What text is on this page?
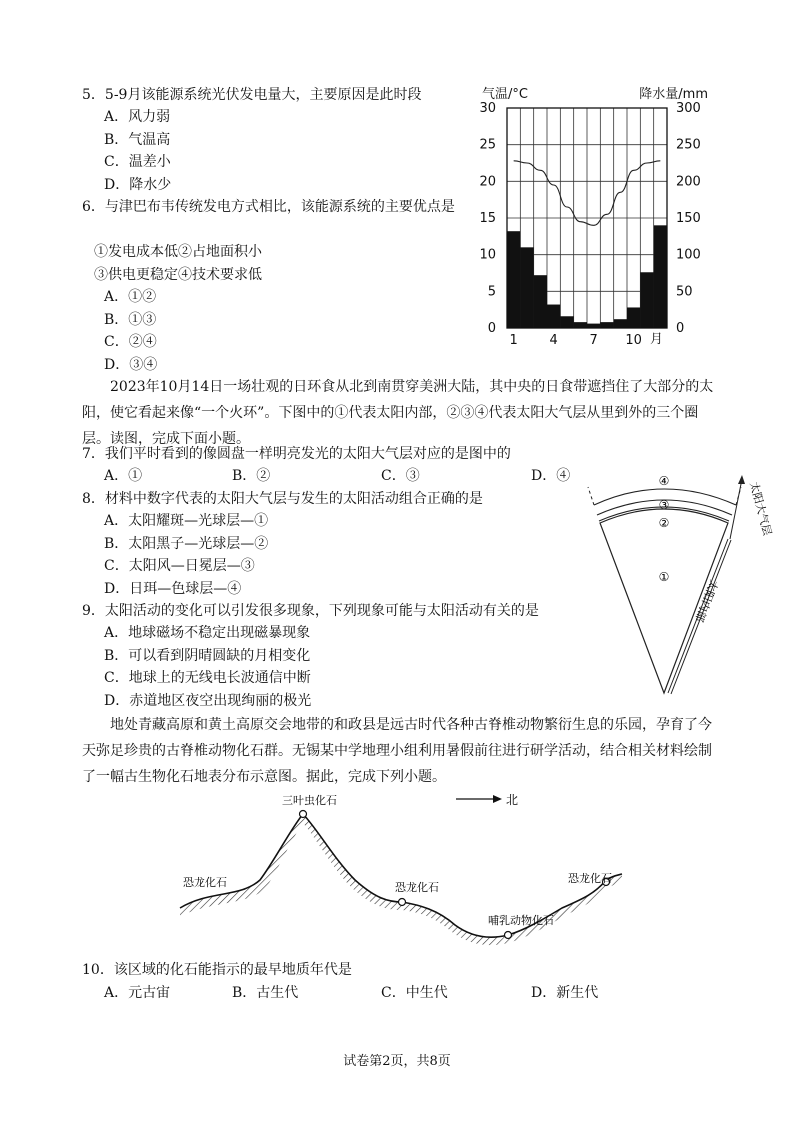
5．5-9月该能源系统光伏发电量大，主要原因是此时段
A．风力弱
B．气温高
C．温差小
D．降水少
6．与津巴布韦传统发电方式相比，该能源系统的主要优点是
①发电成本低②占地面积小
③供电更稳定④技术要求低
A．①②
B．①③
C．②④
D．③④
气温/°C	降水量/mm
0
5
10
15
20
25
30
0
50
100
150
200
250
300
1 4 7 10 月
2023年10月14日一场壮观的日环食从北到南贯穿美洲大陆，其中央的日食带遮挡住了大部分的太阳，使它看起来像“一个火环”。下图中的①代表太阳内部，②③④代表太阳大气层从里到外的三个圈层。读图，完成下面小题。
7．我们平时看到的像圆盘一样明亮发光的太阳大气层对应的是图中的
A．①	B．②	C．③	D．④
8．材料中数字代表的太阳大气层与发生的太阳活动组合正确的是
A．太阳耀斑—光球层—①
B．太阳黑子—光球层—②
C．太阳风—日冕层—③
D．日珥—色球层—④
9．太阳活动的变化可以引发很多现象，下列现象可能与太阳活动有关的是
A．地球磁场不稳定出现磁暴现象
B．可以看到阴晴圆缺的月相变化
C．地球上的无线电长波通信中断
D．赤道地区夜空出现绚丽的极光
④
③
②
①
太阳大气层
太阳内部
地处青藏高原和黄土高原交会地带的和政县是远古时代各种古脊椎动物繁衍生息的乐园，孕育了今天弥足珍贵的古脊椎动物化石群。无锡某中学地理小组利用暑假前往进行研学活动，结合相关材料绘制了一幅古生物化石地表分布示意图。据此，完成下列小题。
恐龙化石
三叶虫化石
恐龙化石
哺乳动物化石
恐龙化石
北
10．该区域的化石能指示的最早地质年代是
A．元古宙	B．古生代	C．中生代	D．新生代
试卷第2页，共8页
